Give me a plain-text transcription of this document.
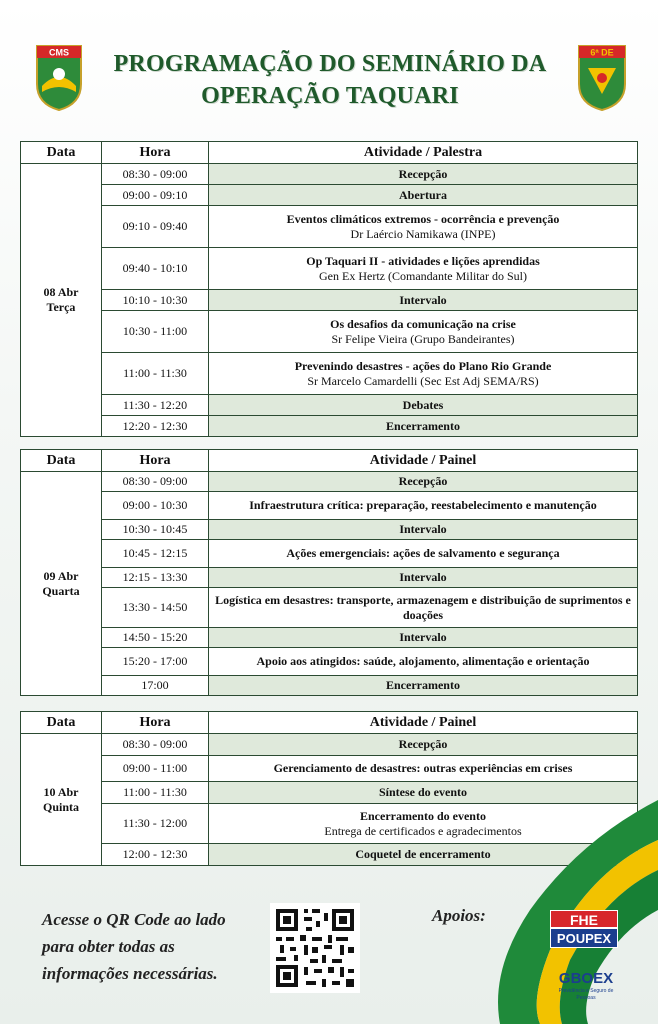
CMS	PROGRAMAÇÃO DO SEMINÁRIO DA
OPERAÇÃO TAQUARI
6ª DE
Data	Hora	Atividade / Palestra

08 Abr
Terça	08:30 - 09:00	Recepção

	09:00 - 09:10	Abertura

	09:10 - 09:40	Eventos climáticos extremos - ocorrência e prevenção
Dr Laércio Namikawa (INPE)

	09:40 - 10:10	Op Taquari II - atividades e lições aprendidas
Gen Ex Hertz (Comandante Militar do Sul)

	10:10 - 10:30	Intervalo

	10:30 - 11:00	Os desafios da comunicação na crise
Sr Felipe Vieira (Grupo Bandeirantes)

	11:00 - 11:30	Prevenindo desastres - ações do Plano Rio Grande
Sr Marcelo Camardelli (Sec Est Adj SEMA/RS)

	11:30 - 12:20	Debates

	12:20 - 12:30	Encerramento
Data	Hora	Atividade / Painel

09 Abr
Quarta	08:30 - 09:00	Recepção

	09:00 - 10:30	Infraestrutura crítica: preparação, reestabelecimento e manutenção

	10:30 - 10:45	Intervalo

	10:45 - 12:15	Ações emergenciais: ações de salvamento e segurança

	12:15 - 13:30	Intervalo

	13:30 - 14:50	Logística em desastres: transporte, armazenagem e distribuição de suprimentos e doações

	14:50 - 15:20	Intervalo

	15:20 - 17:00	Apoio aos atingidos: saúde, alojamento, alimentação e orientação

	17:00	Encerramento
Data	Hora	Atividade / Painel

10 Abr
Quinta	08:30 - 09:00	Recepção

	09:00 - 11:00	Gerenciamento de desastres: outras experiências em crises

	11:00 - 11:30	Síntese do evento

	11:30 - 12:00	Encerramento do evento
Entrega de certificados e agradecimentos

	12:00 - 12:30	Coquetel de encerramento
Acesse o QR Code ao lado
para obter todas as
informações necessárias.
Apoios:	FHE
POUPEX
GBOEX
Previdência e Seguro de Pessoas
